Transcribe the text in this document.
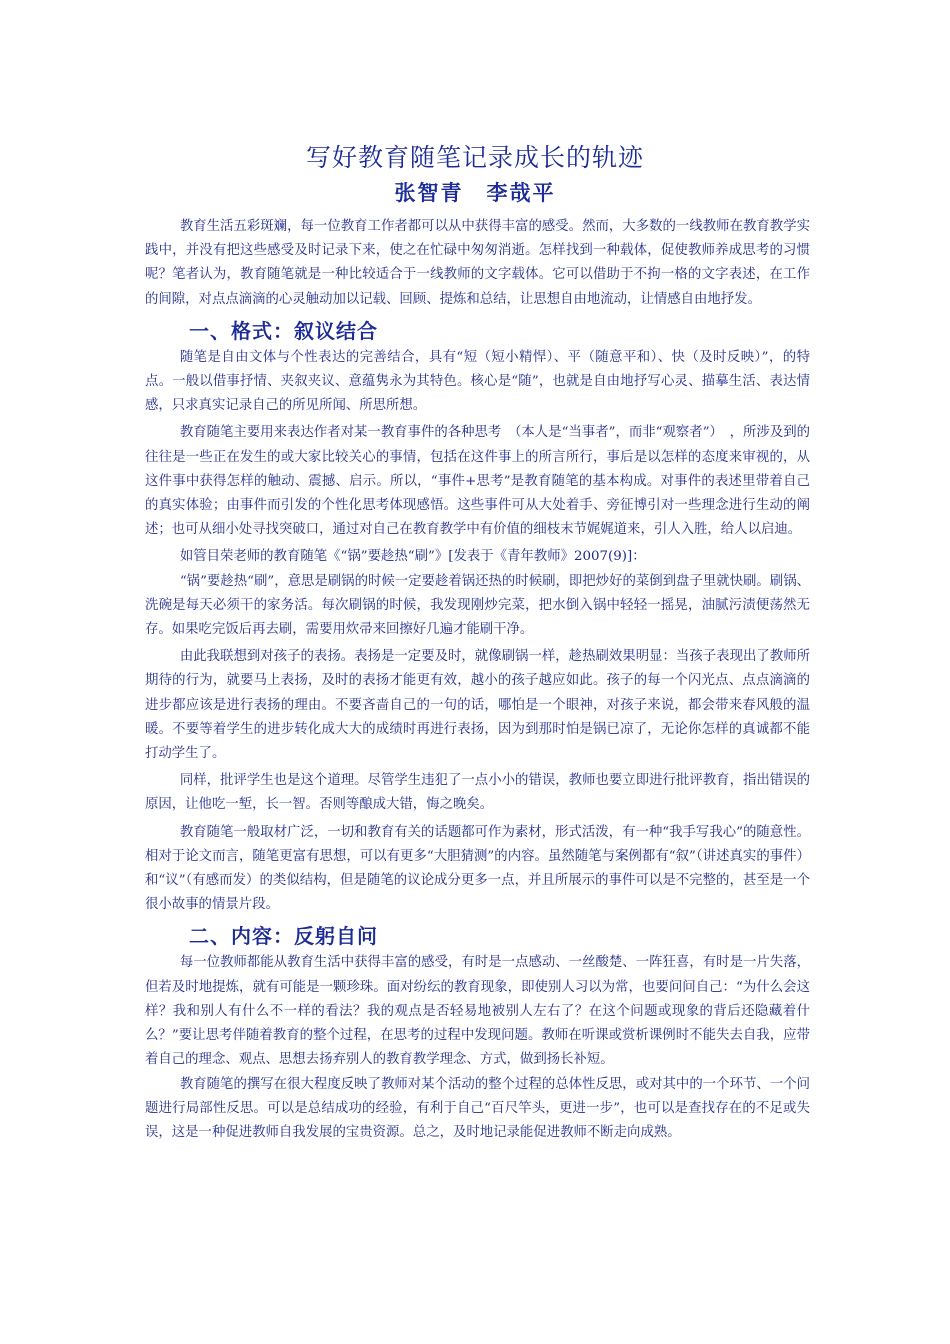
写好教育随笔记录成长的轨迹
张智青　李哉平

教育生活五彩斑斓，每一位教育工作者都可以从中获得丰富的感受。然而，大多数的一线教师在教育教学实践中，并没有把这些感受及时记录下来，使之在忙碌中匆匆消逝。怎样找到一种载体，促使教师养成思考的习惯呢？笔者认为，教育随笔就是一种比较适合于一线教师的文字载体。它可以借助于不拘一格的文字表述，在工作的间隙，对点点滴滴的心灵触动加以记载、回顾、提炼和总结，让思想自由地流动，让情感自由地抒发。

一、格式：叙议结合

随笔是自由文体与个性表达的完善结合，具有“短（短小精悍）、平（随意平和）、快（及时反映）”，的特点。一般以借事抒情、夹叙夹议、意蕴隽永为其特色。核心是“随”，也就是自由地抒写心灵、描摹生活、表达情感，只求真实记录自己的所见所闻、所思所想。

教育随笔主要用来表达作者对某一教育事件的各种思考　（本人是“当事者”，而非“观察者”）　，所涉及到的往往是一些正在发生的或大家比较关心的事情，包括在这件事上的所言所行，事后是以怎样的态度来审视的，从这件事中获得怎样的触动、震撼、启示。所以，“事件+思考”是教育随笔的基本构成。对事件的表述里带着自己的真实体验；由事件而引发的个性化思考体现感悟。这些事件可从大处着手、旁征博引对一些理念进行生动的阐述；也可从细小处寻找突破口，通过对自己在教育教学中有价值的细枝末节娓娓道来，引人入胜，给人以启迪。

如管目荣老师的教育随笔《“锅”要趁热“刷”》[发表于《青年教师》2007(9)]：

“锅”要趁热“刷”，意思是刷锅的时候一定要趁着锅还热的时候刷，即把炒好的菜倒到盘子里就快刷。刷锅、洗碗是每天必须干的家务活。每次刷锅的时候，我发现刚炒完菜，把水倒入锅中轻轻一摇晃，油腻污渍便荡然无存。如果吃完饭后再去刷，需要用炊帚来回擦好几遍才能刷干净。

由此我联想到对孩子的表扬。表扬是一定要及时，就像刷锅一样，趁热刷效果明显：当孩子表现出了教师所期待的行为，就要马上表扬，及时的表扬才能更有效，越小的孩子越应如此。孩子的每一个闪光点、点点滴滴的进步都应该是进行表扬的理由。不要吝啬自己的一句的话，哪怕是一个眼神，对孩子来说，都会带来春风般的温暖。不要等着学生的进步转化成大大的成绩时再进行表扬，因为到那时怕是锅已凉了，无论你怎样的真诚都不能打动学生了。

同样，批评学生也是这个道理。尽管学生违犯了一点小小的错误，教师也要立即进行批评教育，指出错误的原因，让他吃一堑，长一智。否则等酿成大错，悔之晚矣。

教育随笔一般取材广泛，一切和教育有关的话题都可作为素材，形式活泼，有一种“我手写我心”的随意性。相对于论文而言，随笔更富有思想，可以有更多“大胆猜测”的内容。虽然随笔与案例都有“叙”（讲述真实的事件）和“议”（有感而发）的类似结构，但是随笔的议论成分更多一点，并且所展示的事件可以是不完整的，甚至是一个很小故事的情景片段。

二、内容：反躬自问

每一位教师都能从教育生活中获得丰富的感受，有时是一点感动、一丝酸楚、一阵狂喜，有时是一片失落，但若及时地提炼，就有可能是一颗珍珠。面对纷纭的教育现象，即使别人习以为常，也要问问自己：“为什么会这样？我和别人有什么不一样的看法？我的观点是否轻易地被别人左右了？在这个问题或现象的背后还隐藏着什么？”要让思考伴随着教育的整个过程，在思考的过程中发现问题。教师在听课或赏析课例时不能失去自我，应带着自己的理念、观点、思想去扬弃别人的教育教学理念、方式，做到扬长补短。

教育随笔的撰写在很大程度反映了教师对某个活动的整个过程的总体性反思，或对其中的一个环节、一个问题进行局部性反思。可以是总结成功的经验，有利于自己“百尺竿头，更进一步”，也可以是查找存在的不足或失误，这是一种促进教师自我发展的宝贵资源。总之，及时地记录能促进教师不断走向成熟。
